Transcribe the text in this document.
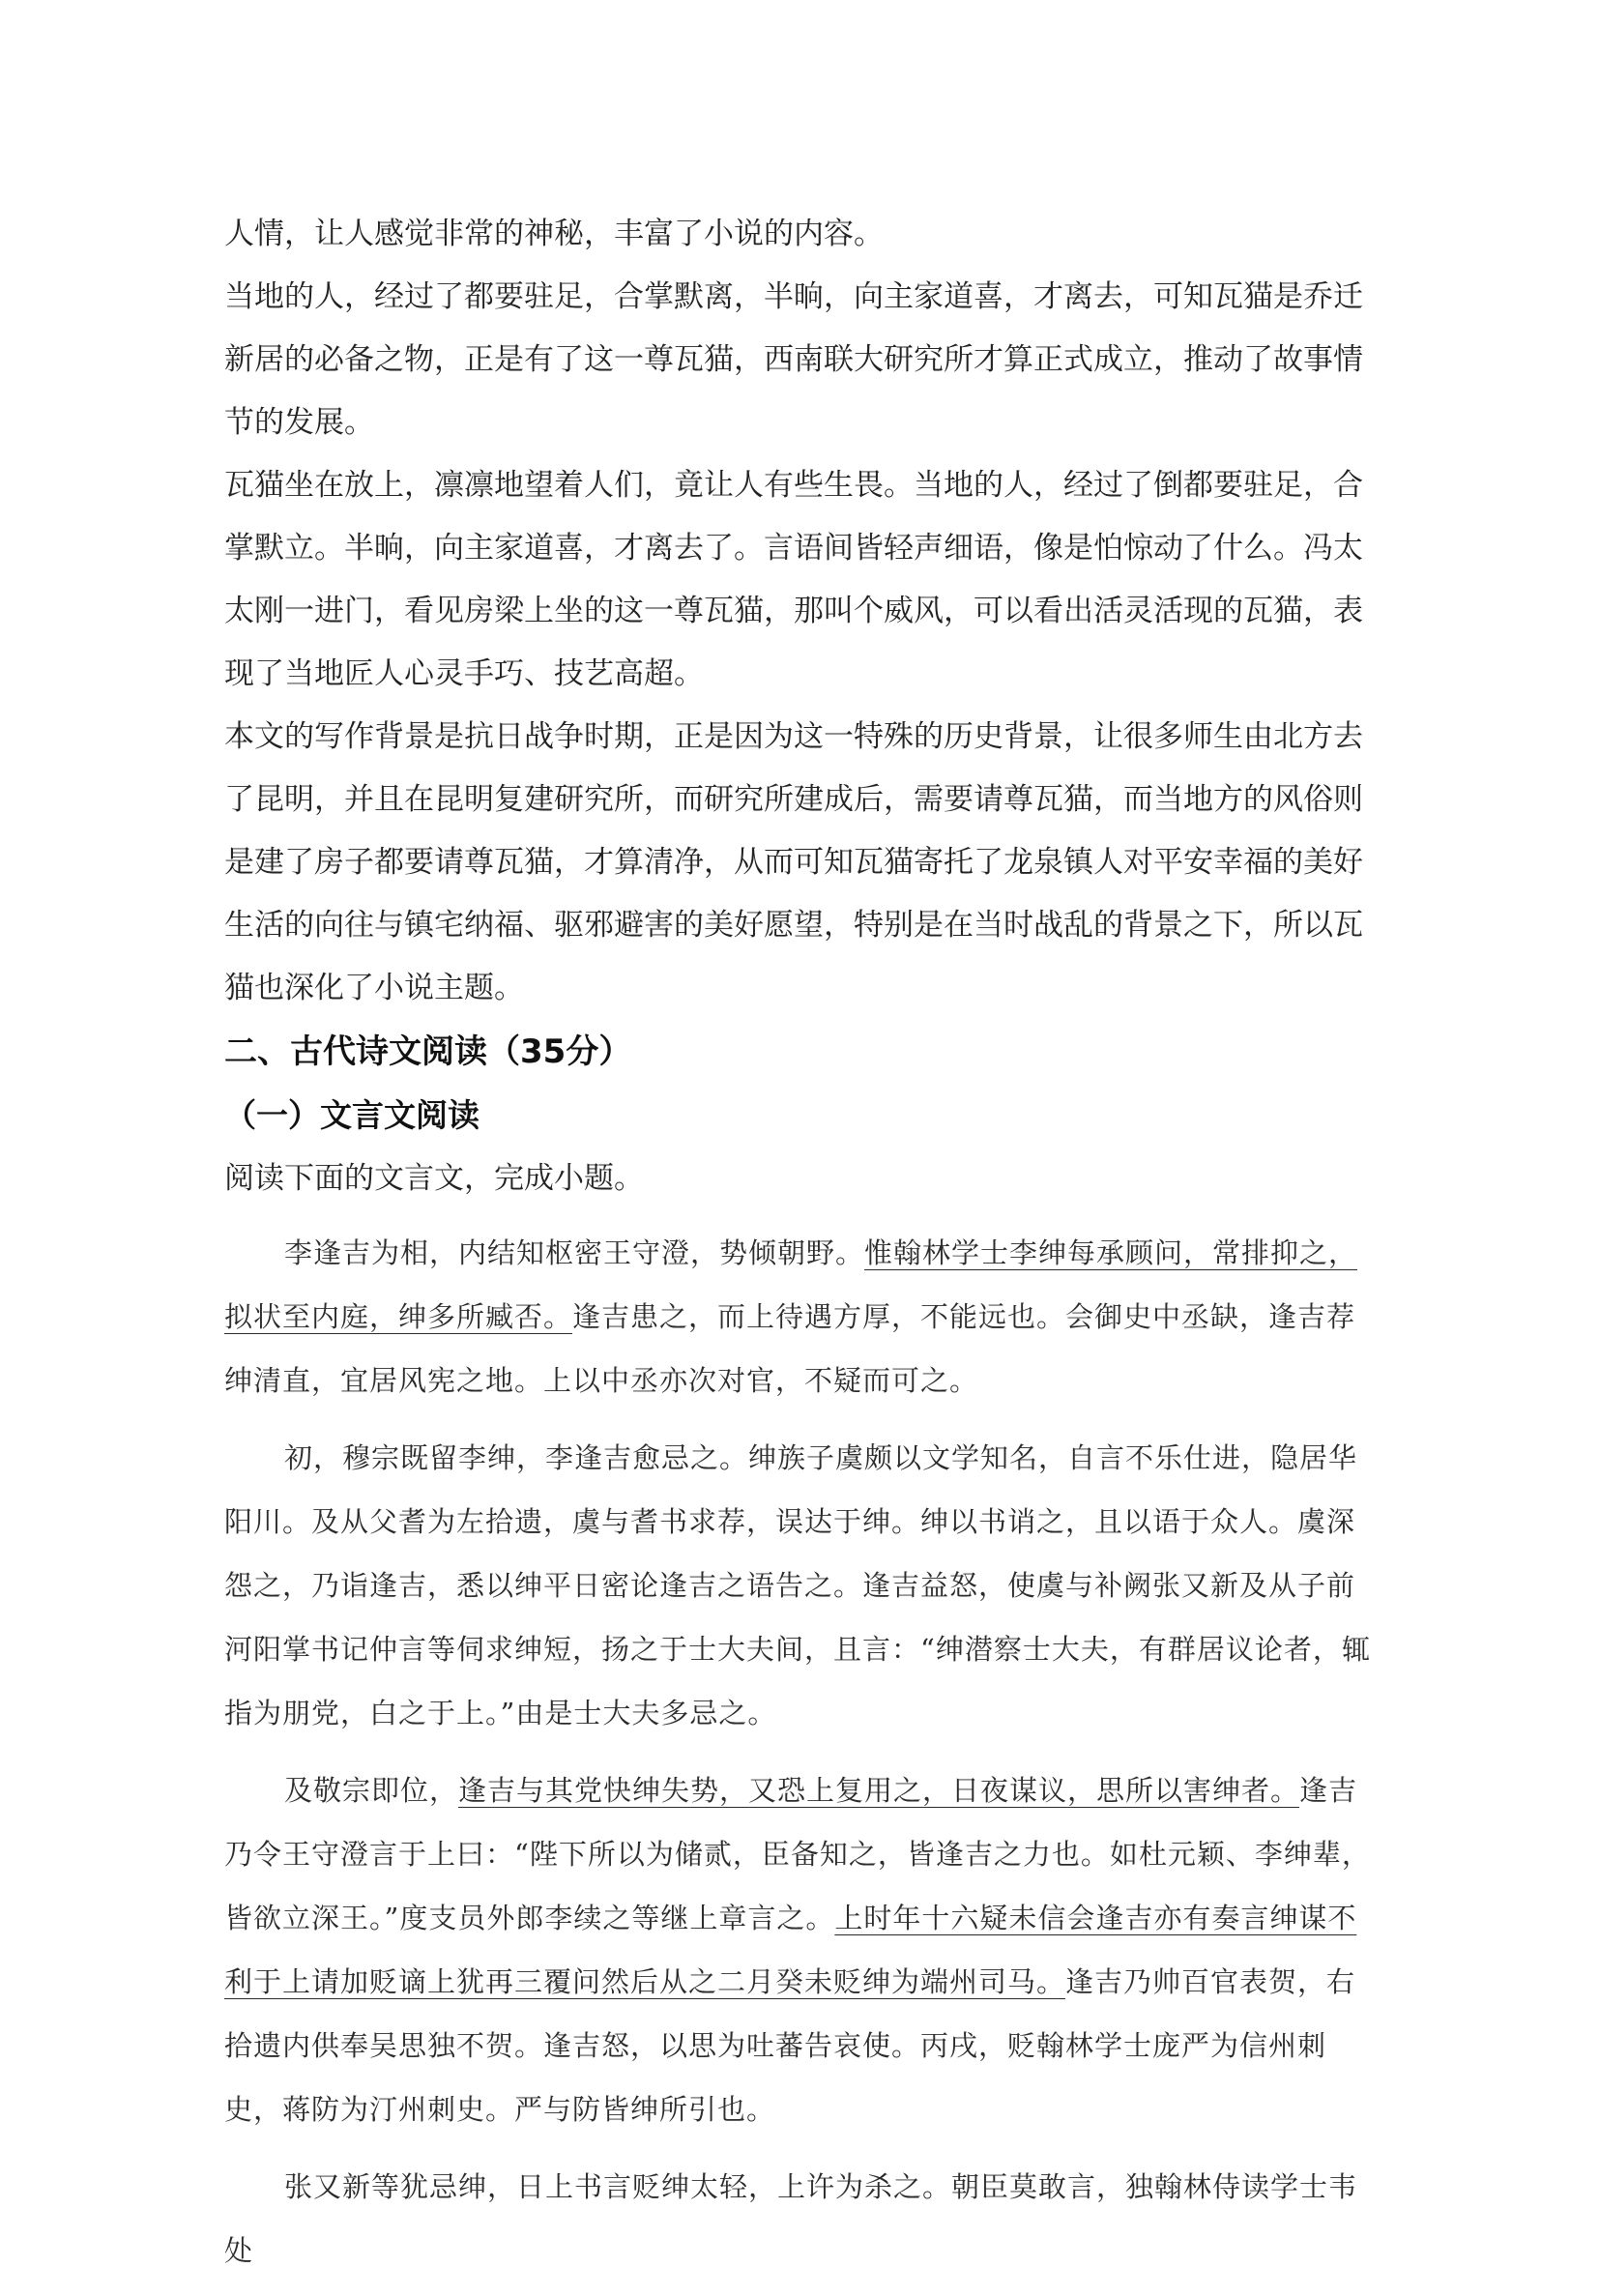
人情，让人感觉非常的神秘，丰富了小说的内容。

当地的人，经过了都要驻足，合掌默离，半晌，向主家道喜，才离去，可知瓦猫是乔迁新居的必备之物，正是有了这一尊瓦猫，西南联大研究所才算正式成立，推动了故事情节的发展。

瓦猫坐在放上，凛凛地望着人们，竟让人有些生畏。当地的人，经过了倒都要驻足，合掌默立。半晌，向主家道喜，才离去了。言语间皆轻声细语，像是怕惊动了什么。冯太太刚一进门，看见房梁上坐的这一尊瓦猫，那叫个威风，可以看出活灵活现的瓦猫，表现了当地匠人心灵手巧、技艺高超。

本文的写作背景是抗日战争时期，正是因为这一特殊的历史背景，让很多师生由北方去了昆明，并且在昆明复建研究所，而研究所建成后，需要请尊瓦猫，而当地方的风俗则是建了房子都要请尊瓦猫，才算清净，从而可知瓦猫寄托了龙泉镇人对平安幸福的美好生活的向往与镇宅纳福、驱邪避害的美好愿望，特别是在当时战乱的背景之下，所以瓦猫也深化了小说主题。

二、古代诗文阅读（35分）
（一）文言文阅读

阅读下面的文言文，完成小题。

李逢吉为相，内结知枢密王守澄，势倾朝野。惟翰林学士李绅每承顾问，常排抑之，拟状至内庭，绅多所臧否。逢吉患之，而上待遇方厚，不能远也。会御史中丞缺，逢吉荐绅清直，宜居风宪之地。上以中丞亦次对官，不疑而可之。

初，穆宗既留李绅，李逢吉愈忌之。绅族子虞颇以文学知名，自言不乐仕进，隐居华阳川。及从父耆为左拾遗，虞与耆书求荐，误达于绅。绅以书诮之，且以语于众人。虞深怨之，乃诣逢吉，悉以绅平日密论逢吉之语告之。逢吉益怒，使虞与补阙张又新及从子前河阳掌书记仲言等伺求绅短，扬之于士大夫间，且言：“绅潜察士大夫，有群居议论者，辄指为朋党，白之于上。”由是士大夫多忌之。

及敬宗即位，逢吉与其党快绅失势，又恐上复用之，日夜谋议，思所以害绅者。逢吉乃令王守澄言于上曰：“陛下所以为储贰，臣备知之，皆逢吉之力也。如杜元颖、李绅辈，皆欲立深王。”度支员外郎李续之等继上章言之。上时年十六疑未信会逢吉亦有奏言绅谋不利于上请加贬谪上犹再三覆问然后从之二月癸未贬绅为端州司马。逢吉乃帅百官表贺，右拾遗内供奉吴思独不贺。逢吉怒，以思为吐蕃告哀使。丙戌，贬翰林学士庞严为信州刺史，蒋防为汀州刺史。严与防皆绅所引也。

张又新等犹忌绅，日上书言贬绅太轻，上许为杀之。朝臣莫敢言，独翰林侍读学士韦处
